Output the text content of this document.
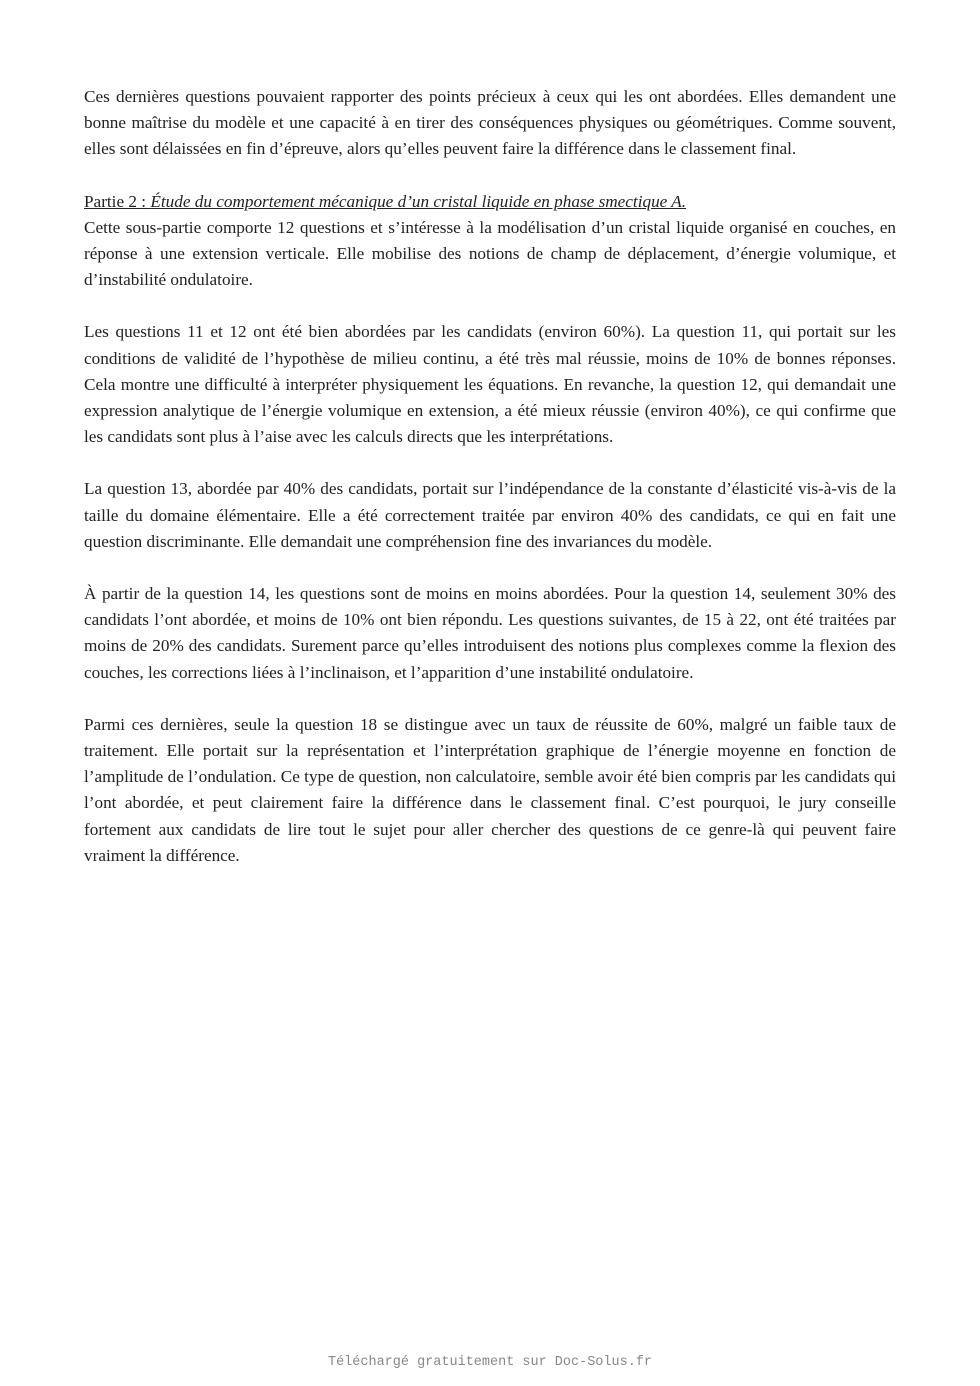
Ces dernières questions pouvaient rapporter des points précieux à ceux qui les ont abordées. Elles demandent une bonne maîtrise du modèle et une capacité à en tirer des conséquences physiques ou géométriques. Comme souvent, elles sont délaissées en fin d’épreuve, alors qu’elles peuvent faire la différence dans le classement final.

Partie 2 : Étude du comportement mécanique d’un cristal liquide en phase smectique A.

Cette sous-partie comporte 12 questions et s’intéresse à la modélisation d’un cristal liquide organisé en couches, en réponse à une extension verticale. Elle mobilise des notions de champ de déplacement, d’énergie volumique, et d’instabilité ondulatoire.

Les questions 11 et 12 ont été bien abordées par les candidats (environ 60%). La question 11, qui portait sur les conditions de validité de l’hypothèse de milieu continu, a été très mal réussie, moins de 10% de bonnes réponses. Cela montre une difficulté à interpréter physiquement les équations. En revanche, la question 12, qui demandait une expression analytique de l’énergie volumique en extension, a été mieux réussie (environ 40%), ce qui confirme que les candidats sont plus à l’aise avec les calculs directs que les interprétations.

La question 13, abordée par 40% des candidats, portait sur l’indépendance de la constante d’élasticité vis-à-vis de la taille du domaine élémentaire. Elle a été correctement traitée par environ 40% des candidats, ce qui en fait une question discriminante. Elle demandait une compréhension fine des invariances du modèle.

À partir de la question 14, les questions sont de moins en moins abordées. Pour la question 14, seulement 30% des candidats l’ont abordée, et moins de 10% ont bien répondu. Les questions suivantes, de 15 à 22, ont été traitées par moins de 20% des candidats. Surement parce qu’elles introduisent des notions plus complexes comme la flexion des couches, les corrections liées à l’inclinaison, et l’apparition d’une instabilité ondulatoire.

Parmi ces dernières, seule la question 18 se distingue avec un taux de réussite de 60%, malgré un faible taux de traitement. Elle portait sur la représentation et l’interprétation graphique de l’énergie moyenne en fonction de l’amplitude de l’ondulation. Ce type de question, non calculatoire, semble avoir été bien compris par les candidats qui l’ont abordée, et peut clairement faire la différence dans le classement final. C’est pourquoi, le jury conseille fortement aux candidats de lire tout le sujet pour aller chercher des questions de ce genre-là qui peuvent faire vraiment la différence.

Téléchargé gratuitement sur Doc-Solus.fr
